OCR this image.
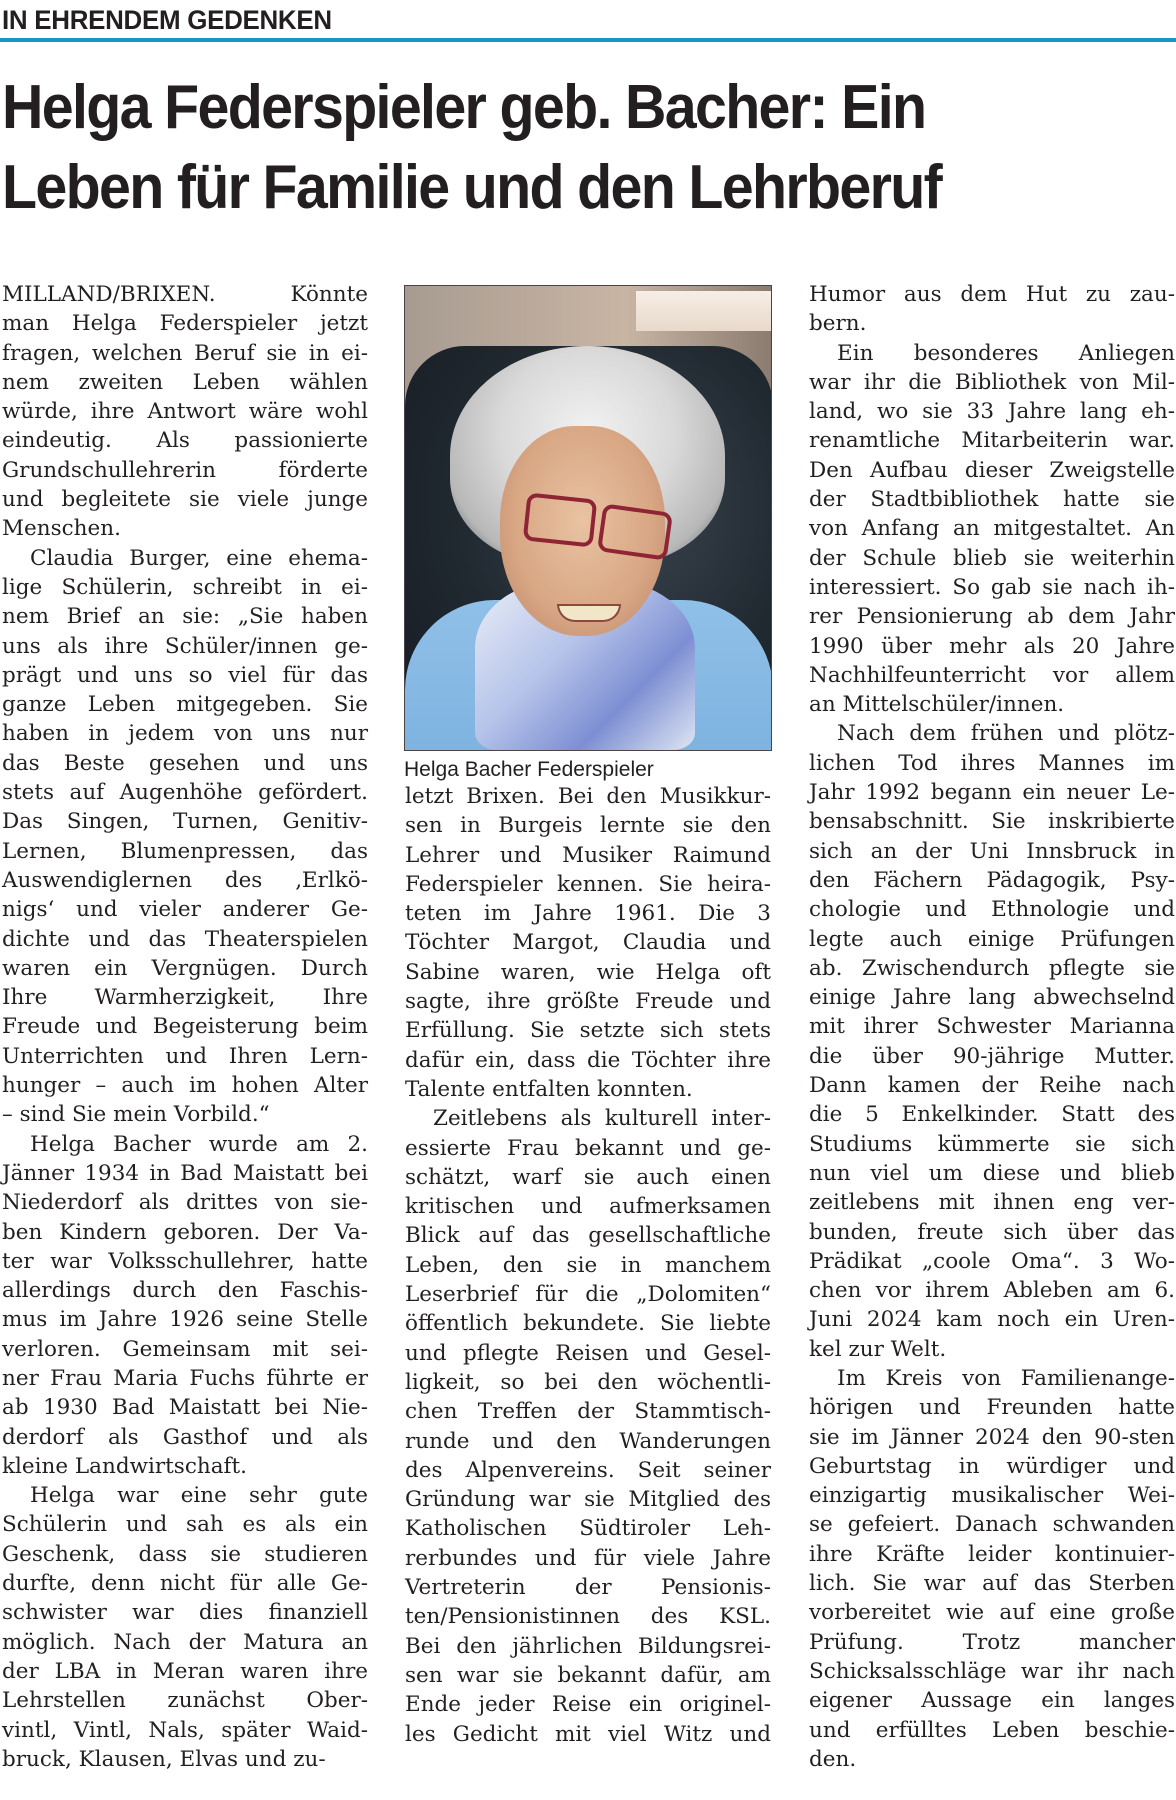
IN EHRENDEM GEDENKEN
Helga Federspieler geb. Bacher: Ein
Leben für Familie und den Lehrberuf
MILLAND/BRIXEN. Könnte
man Helga Federspieler jetzt
fragen, welchen Beruf sie in ei-
nem zweiten Leben wählen
würde, ihre Antwort wäre wohl
eindeutig. Als passionierte
Grundschullehrerin förderte
und begleitete sie viele junge
Menschen.
Claudia Burger, eine ehema-
lige Schülerin, schreibt in ei-
nem Brief an sie: „Sie haben
uns als ihre Schüler/innen ge-
prägt und uns so viel für das
ganze Leben mitgegeben. Sie
haben in jedem von uns nur
das Beste gesehen und uns
stets auf Augenhöhe gefördert.
Das Singen, Turnen, Genitiv-
Lernen, Blumenpressen, das
Auswendiglernen des ‚Erlkö-
nigs‘ und vieler anderer Ge-
dichte und das Theaterspielen
waren ein Vergnügen. Durch
Ihre Warmherzigkeit, Ihre
Freude und Begeisterung beim
Unterrichten und Ihren Lern-
hunger – auch im hohen Alter
– sind Sie mein Vorbild.“
Helga Bacher wurde am 2.
Jänner 1934 in Bad Maistatt bei
Niederdorf als drittes von sie-
ben Kindern geboren. Der Va-
ter war Volksschullehrer, hatte
allerdings durch den Faschis-
mus im Jahre 1926 seine Stelle
verloren. Gemeinsam mit sei-
ner Frau Maria Fuchs führte er
ab 1930 Bad Maistatt bei Nie-
derdorf als Gasthof und als
kleine Landwirtschaft.
Helga war eine sehr gute
Schülerin und sah es als ein
Geschenk, dass sie studieren
durfte, denn nicht für alle Ge-
schwister war dies finanziell
möglich. Nach der Matura an
der LBA in Meran waren ihre
Lehrstellen zunächst Ober-
vintl, Vintl, Nals, später Waid-
bruck, Klausen, Elvas und zu-
Helga Bacher Federspieler
letzt Brixen. Bei den Musikkur-
sen in Burgeis lernte sie den
Lehrer und Musiker Raimund
Federspieler kennen. Sie heira-
teten im Jahre 1961. Die 3
Töchter Margot, Claudia und
Sabine waren, wie Helga oft
sagte, ihre größte Freude und
Erfüllung. Sie setzte sich stets
dafür ein, dass die Töchter ihre
Talente entfalten konnten.
Zeitlebens als kulturell inter-
essierte Frau bekannt und ge-
schätzt, warf sie auch einen
kritischen und aufmerksamen
Blick auf das gesellschaftliche
Leben, den sie in manchem
Leserbrief für die „Dolomiten“
öffentlich bekundete. Sie liebte
und pflegte Reisen und Gesel-
ligkeit, so bei den wöchentli-
chen Treffen der Stammtisch-
runde und den Wanderungen
des Alpenvereins. Seit seiner
Gründung war sie Mitglied des
Katholischen Südtiroler Leh-
rerbundes und für viele Jahre
Vertreterin der Pensionis-
ten/Pensionistinnen des KSL.
Bei den jährlichen Bildungsrei-
sen war sie bekannt dafür, am
Ende jeder Reise ein originel-
les Gedicht mit viel Witz und
Humor aus dem Hut zu zau-
bern.
Ein besonderes Anliegen
war ihr die Bibliothek von Mil-
land, wo sie 33 Jahre lang eh-
renamtliche Mitarbeiterin war.
Den Aufbau dieser Zweigstelle
der Stadtbibliothek hatte sie
von Anfang an mitgestaltet. An
der Schule blieb sie weiterhin
interessiert. So gab sie nach ih-
rer Pensionierung ab dem Jahr
1990 über mehr als 20 Jahre
Nachhilfeunterricht vor allem
an Mittelschüler/innen.
Nach dem frühen und plötz-
lichen Tod ihres Mannes im
Jahr 1992 begann ein neuer Le-
bensabschnitt. Sie inskribierte
sich an der Uni Innsbruck in
den Fächern Pädagogik, Psy-
chologie und Ethnologie und
legte auch einige Prüfungen
ab. Zwischendurch pflegte sie
einige Jahre lang abwechselnd
mit ihrer Schwester Marianna
die über 90-jährige Mutter.
Dann kamen der Reihe nach
die 5 Enkelkinder. Statt des
Studiums kümmerte sie sich
nun viel um diese und blieb
zeitlebens mit ihnen eng ver-
bunden, freute sich über das
Prädikat „coole Oma“. 3 Wo-
chen vor ihrem Ableben am 6.
Juni 2024 kam noch ein Uren-
kel zur Welt.
Im Kreis von Familienange-
hörigen und Freunden hatte
sie im Jänner 2024 den 90-sten
Geburtstag in würdiger und
einzigartig musikalischer Wei-
se gefeiert. Danach schwanden
ihre Kräfte leider kontinuier-
lich. Sie war auf das Sterben
vorbereitet wie auf eine große
Prüfung. Trotz mancher
Schicksalsschläge war ihr nach
eigener Aussage ein langes
und erfülltes Leben beschie-
den.
